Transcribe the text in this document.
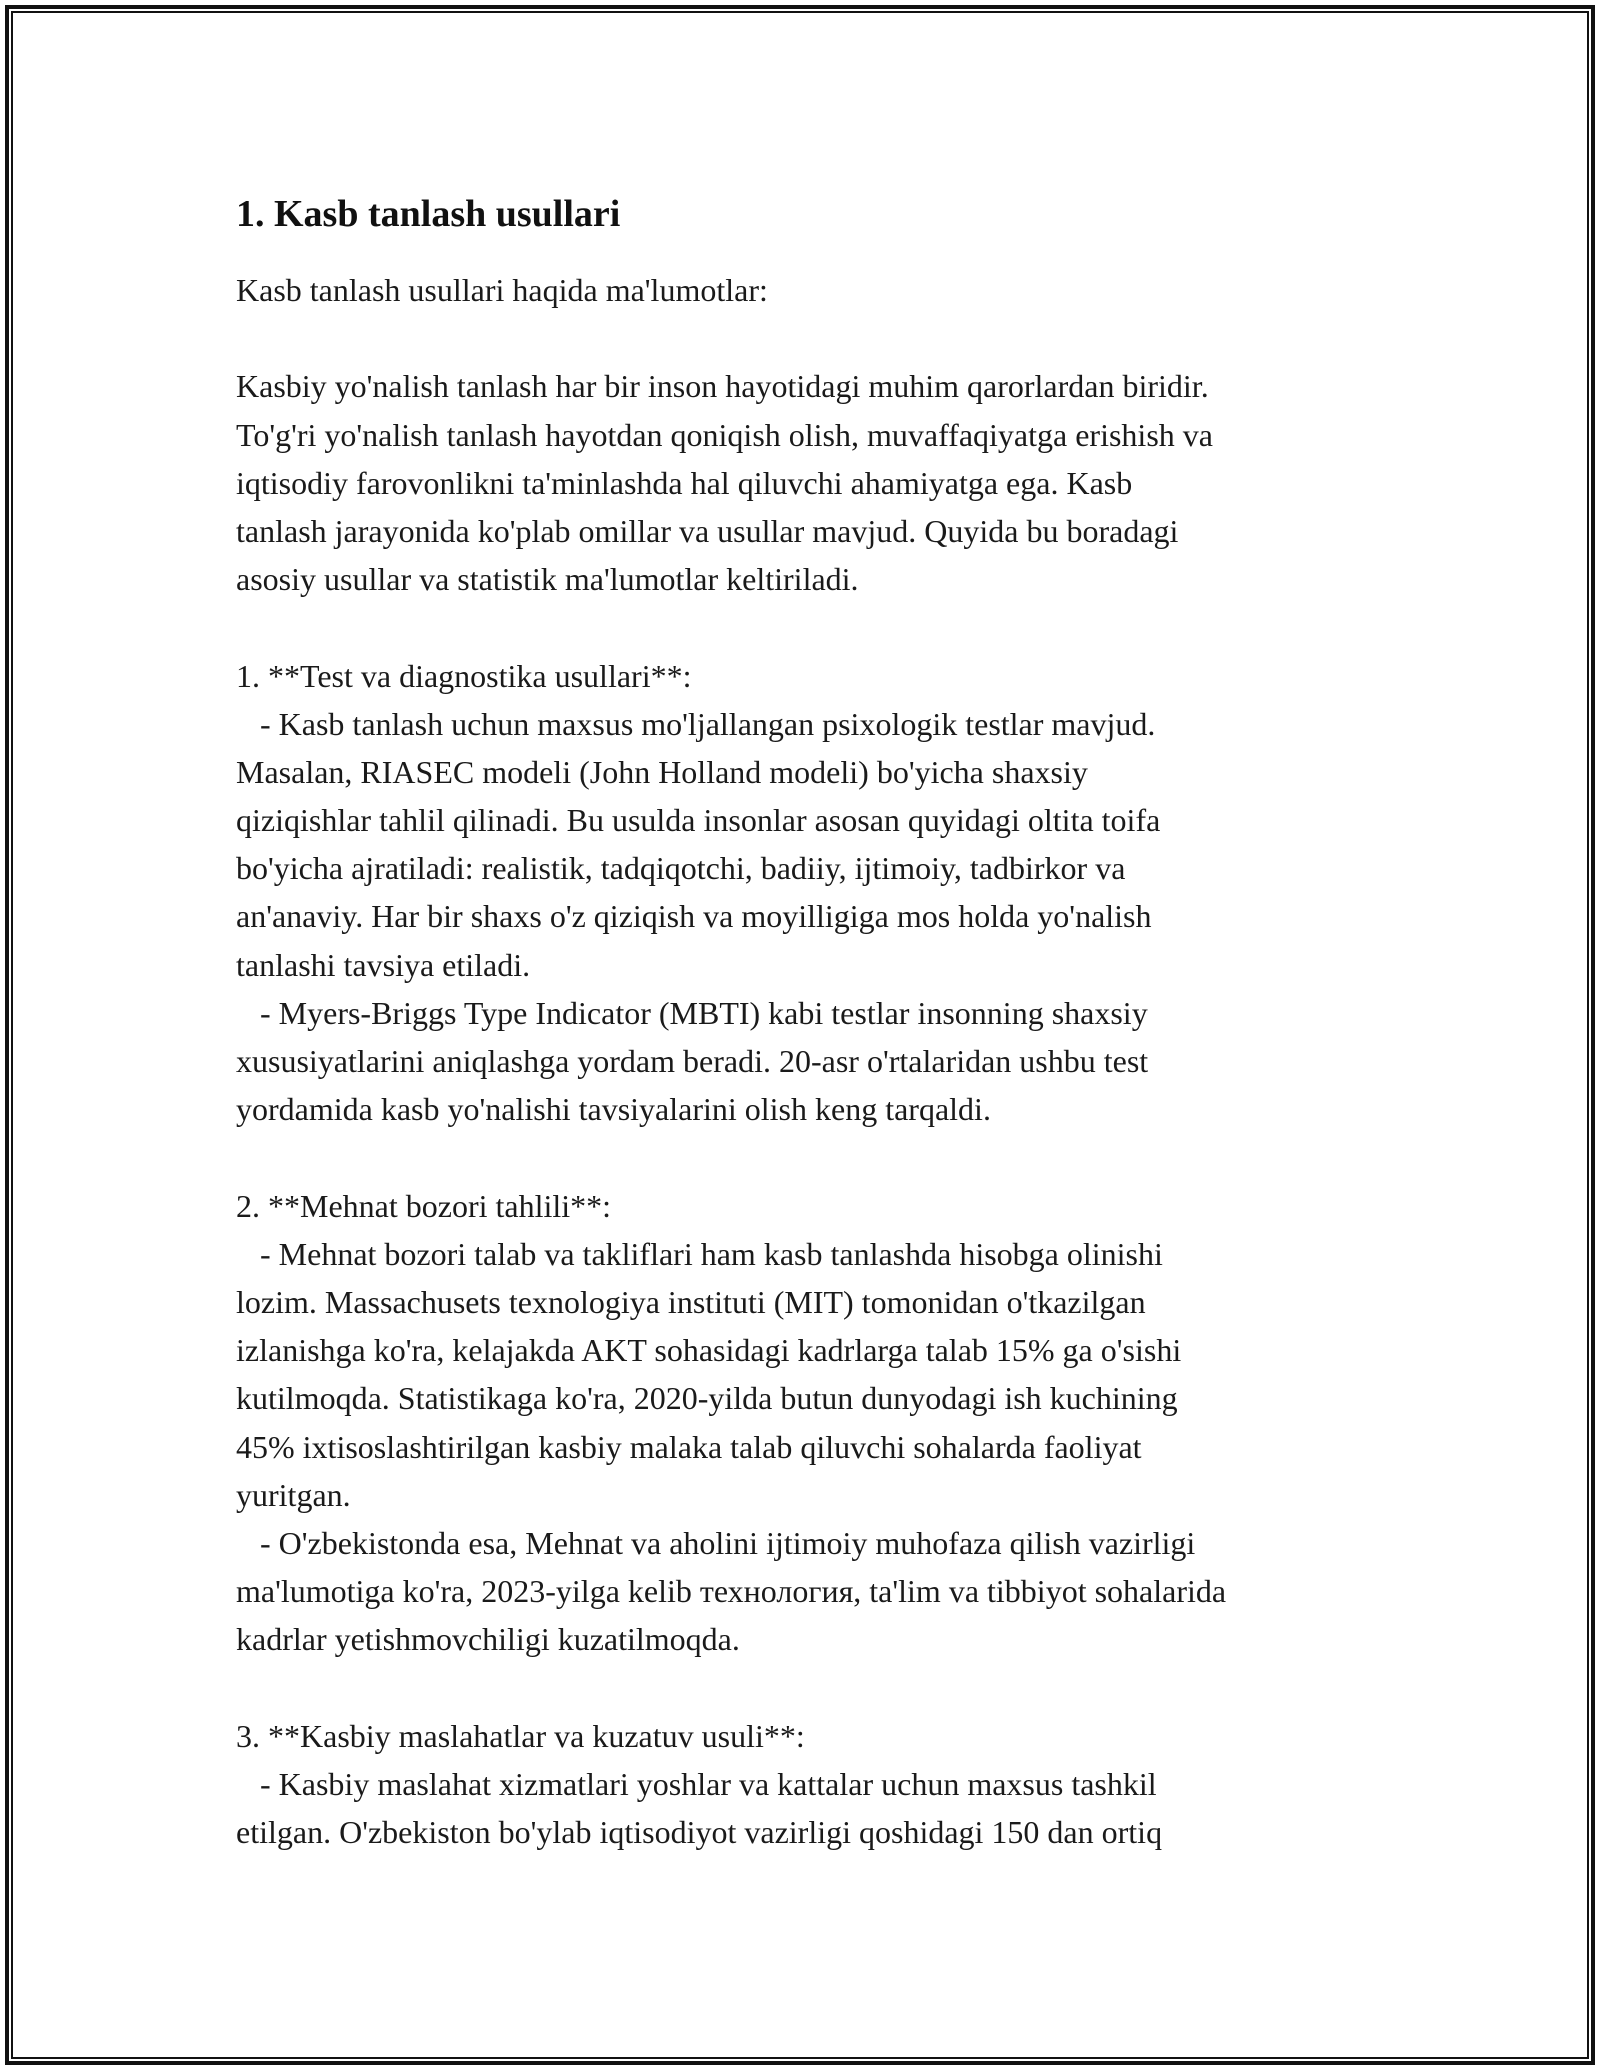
1. Kasb tanlash usullari
Kasb tanlash usullari haqida ma'lumotlar:
Kasbiy yo'nalish tanlash har bir inson hayotidagi muhim qarorlardan biridir.
To'g'ri yo'nalish tanlash hayotdan qoniqish olish, muvaffaqiyatga erishish va
iqtisodiy farovonlikni ta'minlashda hal qiluvchi ahamiyatga ega. Kasb
tanlash jarayonida ko'plab omillar va usullar mavjud. Quyida bu boradagi
asosiy usullar va statistik ma'lumotlar keltiriladi.
1. **Test va diagnostika usullari**:
- Kasb tanlash uchun maxsus mo'ljallangan psixologik testlar mavjud.
Masalan, RIASEC modeli (John Holland modeli) bo'yicha shaxsiy
qiziqishlar tahlil qilinadi. Bu usulda insonlar asosan quyidagi oltita toifa
bo'yicha ajratiladi: realistik, tadqiqotchi, badiiy, ijtimoiy, tadbirkor va
an'anaviy. Har bir shaxs o'z qiziqish va moyilligiga mos holda yo'nalish
tanlashi tavsiya etiladi.
- Myers-Briggs Type Indicator (MBTI) kabi testlar insonning shaxsiy
xususiyatlarini aniqlashga yordam beradi. 20-asr o'rtalaridan ushbu test
yordamida kasb yo'nalishi tavsiyalarini olish keng tarqaldi.
2. **Mehnat bozori tahlili**:
- Mehnat bozori talab va takliflari ham kasb tanlashda hisobga olinishi
lozim. Massachusets texnologiya instituti (MIT) tomonidan o'tkazilgan
izlanishga ko'ra, kelajakda AKT sohasidagi kadrlarga talab 15% ga o'sishi
kutilmoqda. Statistikaga ko'ra, 2020-yilda butun dunyodagi ish kuchining
45% ixtisoslashtirilgan kasbiy malaka talab qiluvchi sohalarda faoliyat
yuritgan.
- O'zbekistonda esa, Mehnat va aholini ijtimoiy muhofaza qilish vazirligi
ma'lumotiga ko'ra, 2023-yilga kelib технология, ta'lim va tibbiyot sohalarida
kadrlar yetishmovchiligi kuzatilmoqda.
3. **Kasbiy maslahatlar va kuzatuv usuli**:
- Kasbiy maslahat xizmatlari yoshlar va kattalar uchun maxsus tashkil
etilgan. O'zbekiston bo'ylab iqtisodiyot vazirligi qoshidagi 150 dan ortiq
